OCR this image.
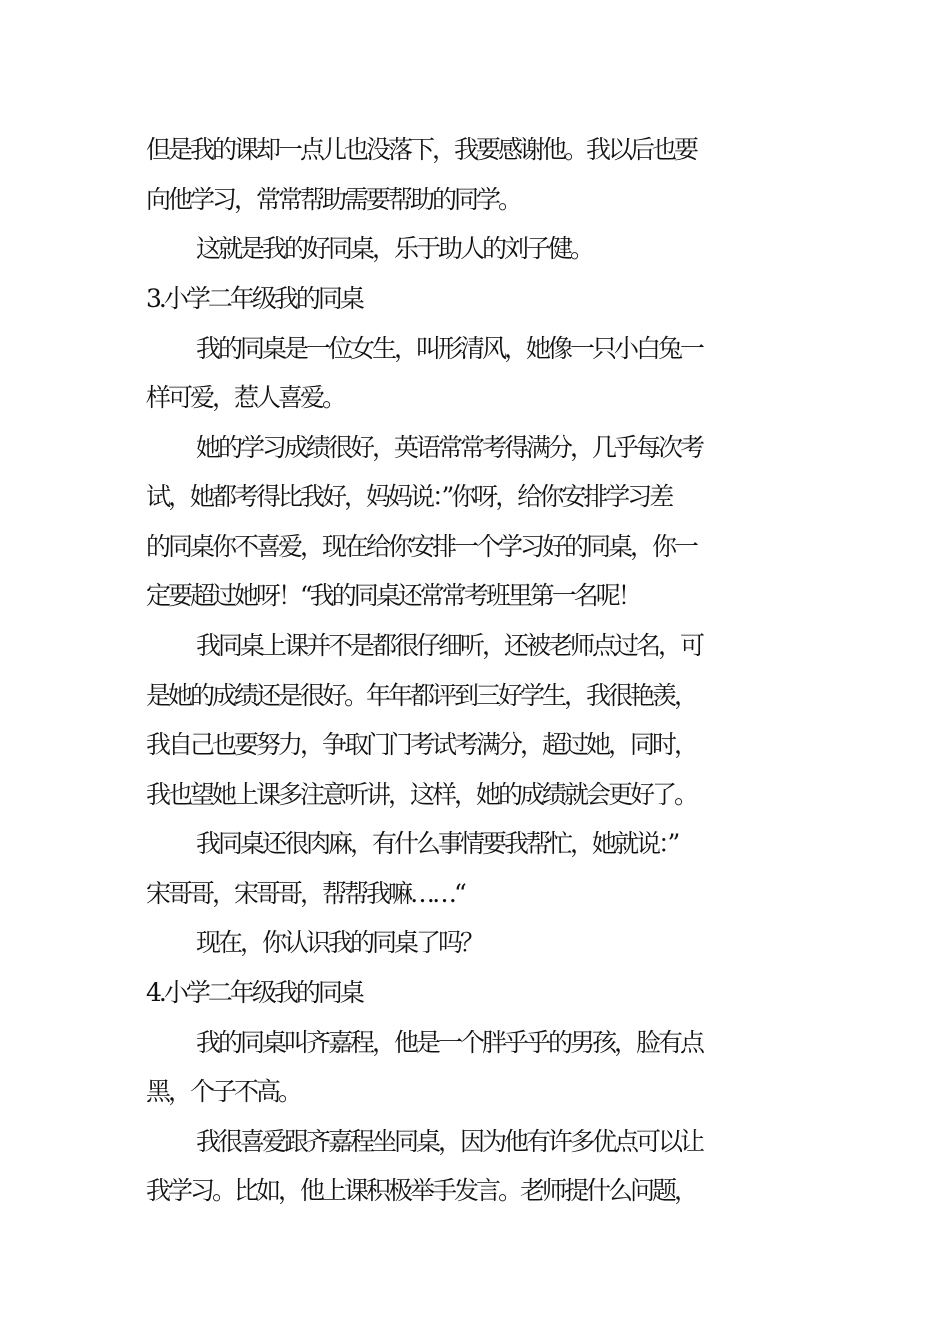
但是我的课却一点儿也没落下，我要感谢他。我以后也要
向他学习，常常帮助需要帮助的同学。
这就是我的好同桌，乐于助人的刘子健。
3.小学二年级我的同桌
我的同桌是一位女生，叫形清风，她像一只小白兔一
样可爱，惹人喜爱。
她的学习成绩很好，英语常常考得满分，几乎每次考
试，她都考得比我好，妈妈说：”你呀，给你安排学习差
的同桌你不喜爱，现在给你安排一个学习好的同桌，你一
定要超过她呀！“我的同桌还常常考班里第一名呢！
我同桌上课并不是都很仔细听，还被老师点过名，可
是她的成绩还是很好。年年都评到三好学生，我很艳羡，
我自己也要努力，争取门门考试考满分，超过她，同时，
我也望她上课多注意听讲，这样，她的成绩就会更好了。
我同桌还很肉麻，有什么事情要我帮忙，她就说：”
宋哥哥，宋哥哥，帮帮我嘛……“
现在，你认识我的同桌了吗？
4.小学二年级我的同桌
我的同桌叫齐嘉程，他是一个胖乎乎的男孩，脸有点
黑，个子不高。
我很喜爱跟齐嘉程坐同桌，因为他有许多优点可以让
我学习。比如，他上课积极举手发言。老师提什么问题，
